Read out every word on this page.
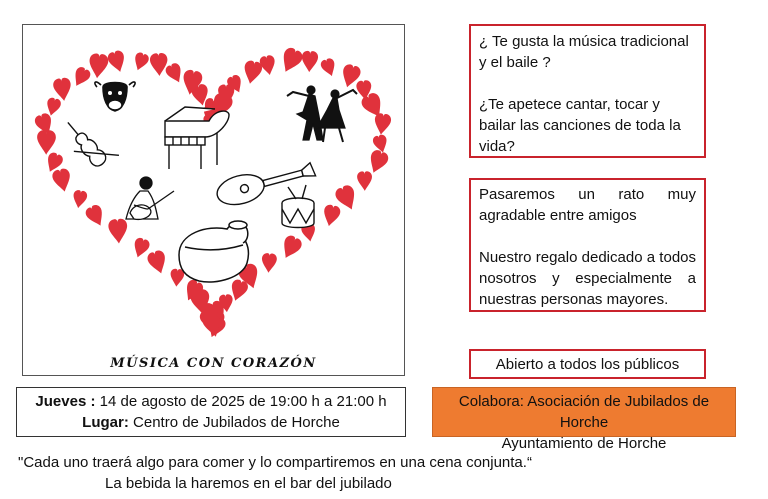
MÚSICA CON CORAZÓN

¿ Te gusta la música tradicional y el baile ?

¿Te apetece cantar, tocar y bailar las canciones de toda la vida?

Pasaremos un rato muy agradable entre amigos

Nuestro regalo dedicado a todos nosotros y especialmente a nuestras personas mayores.

Abierto a todos los públicos
Jueves : 14 de agosto de 2025 de 19:00 h a 21:00 h
Lugar: Centro de Jubilados de Horche
Colabora: Asociación de Jubilados de Horche
Ayuntamiento de Horche
"Cada uno traerá algo para comer y lo compartiremos en una cena conjunta.“
La bebida la haremos en el bar del jubilado
